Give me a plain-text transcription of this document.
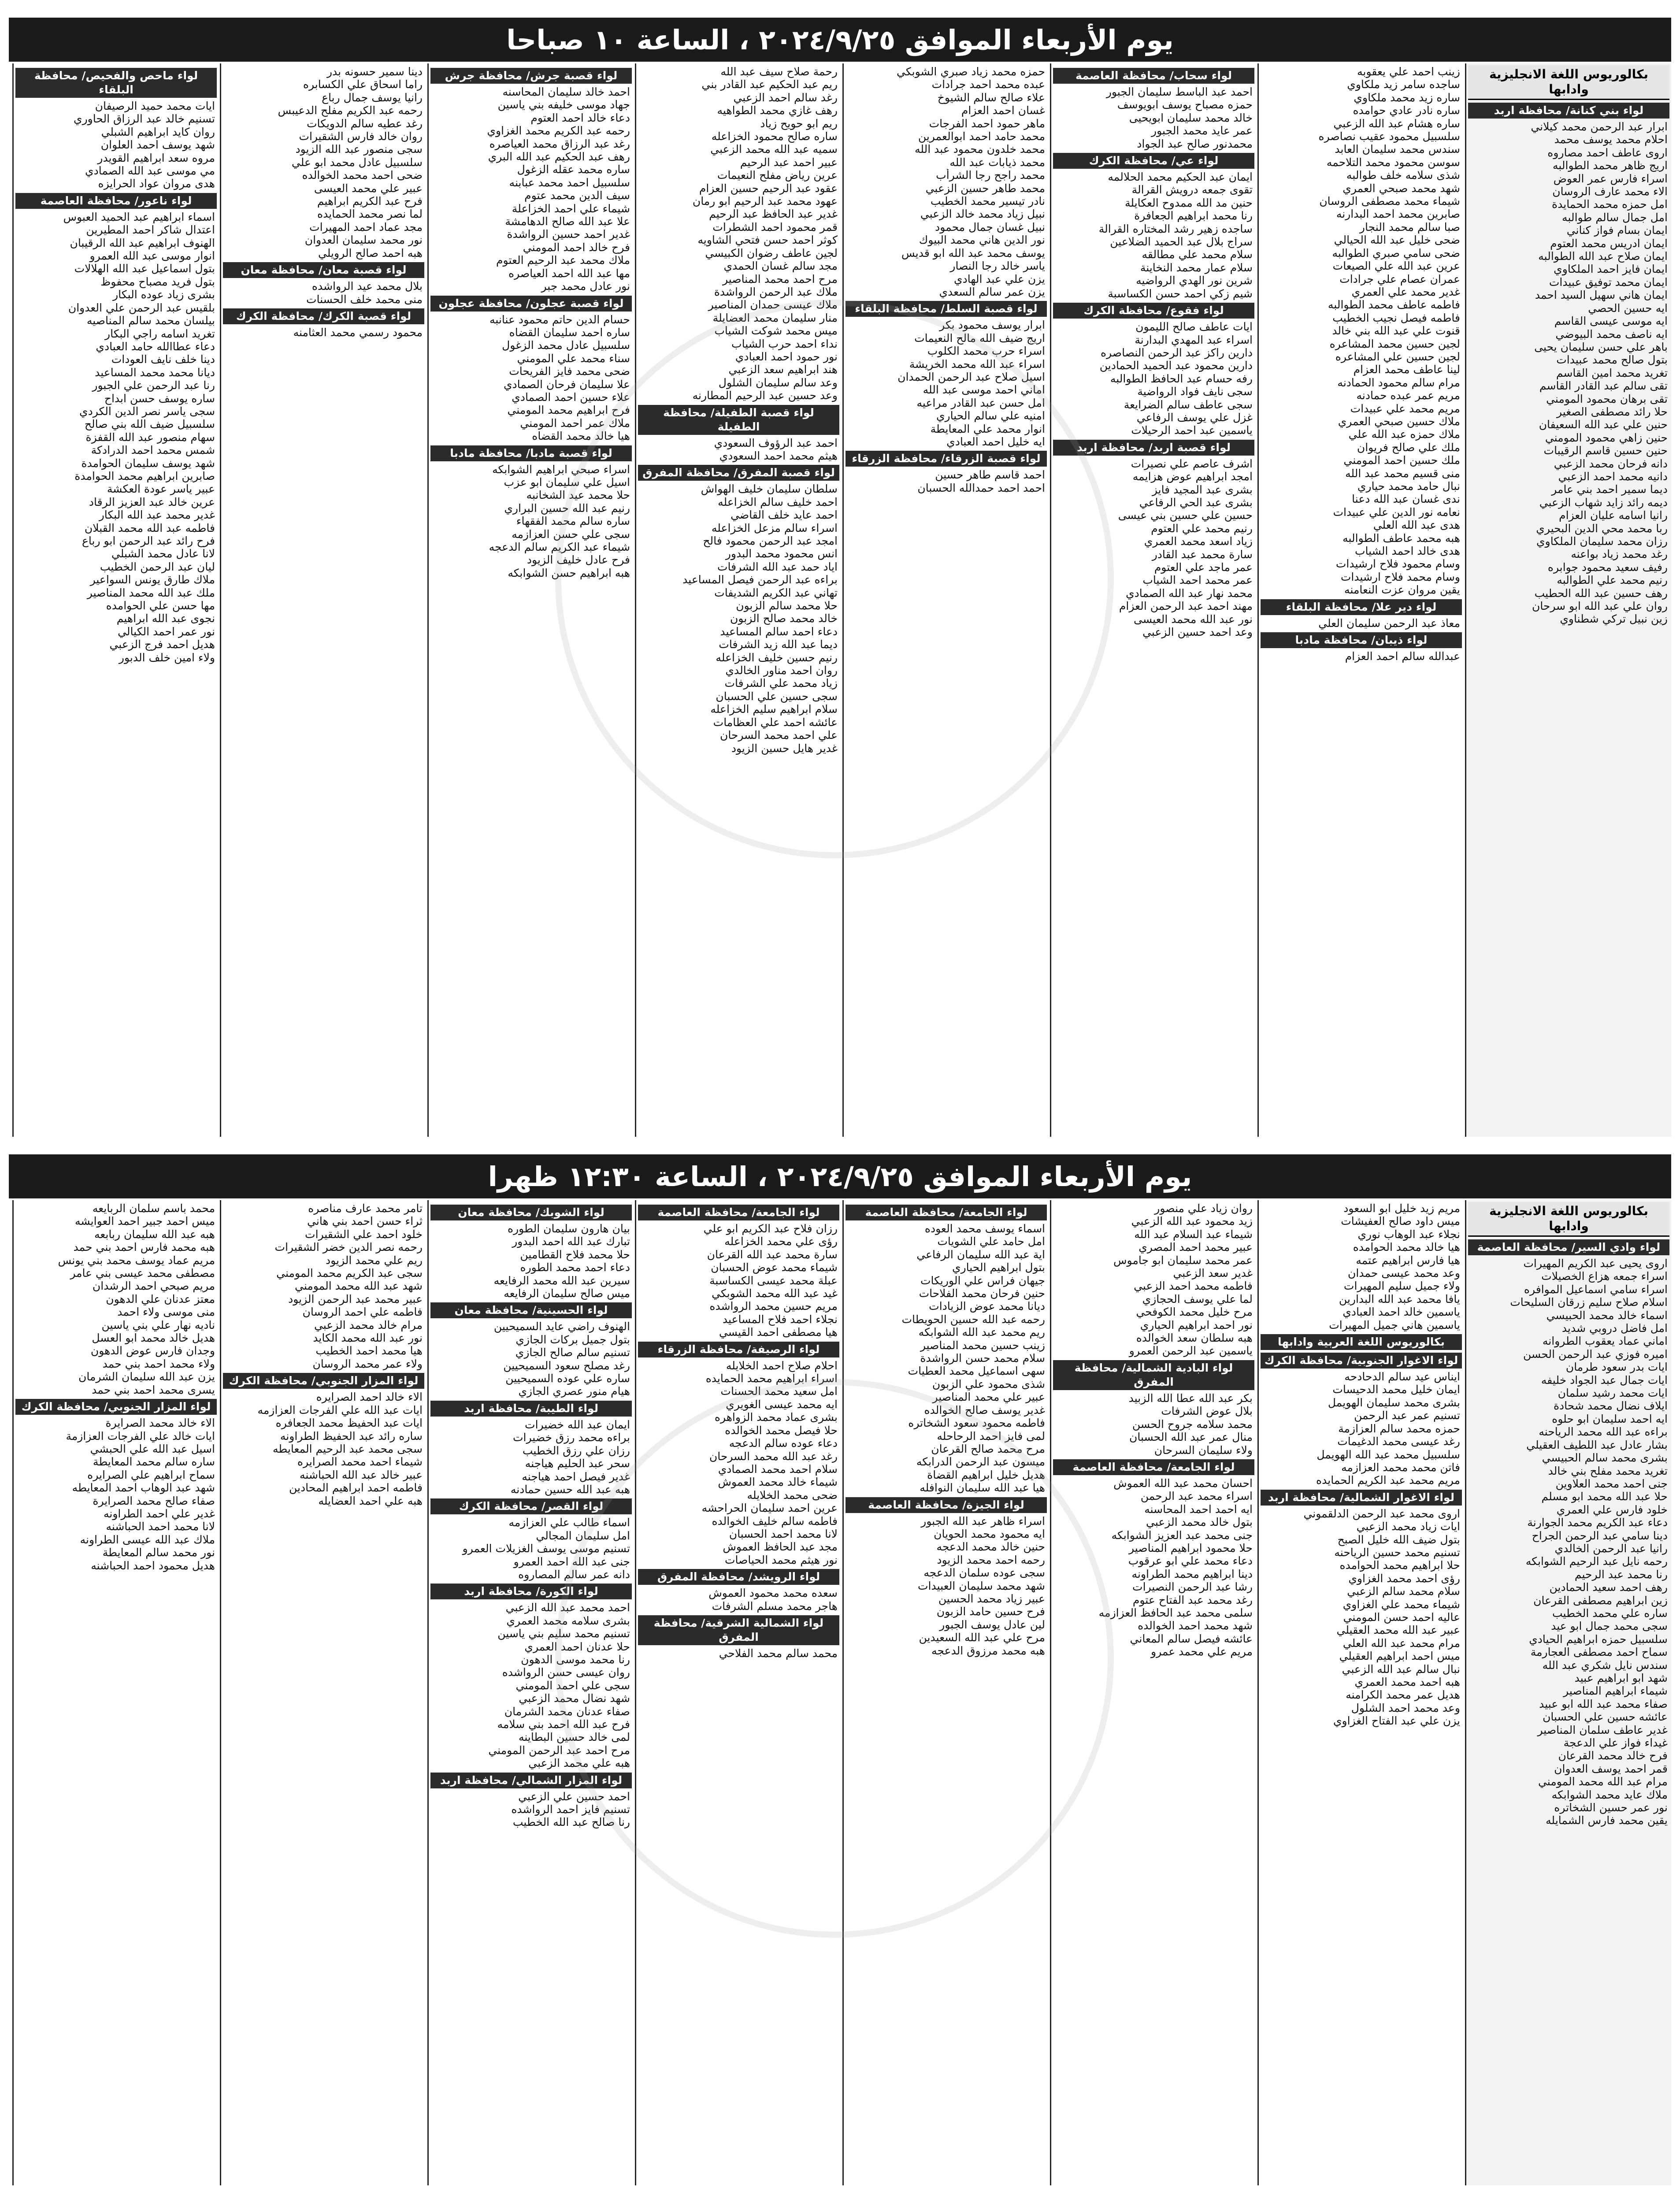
يوم الأربعاء الموافق ٢٠٢٤/٩/٢٥ ، الساعة ١٠ صباحا
بكالوريوس اللغة الانجليزية وادابها
لواء بني كنانة/ محافظة اربد
ابرار عبد الرحمن محمد كيلاني
احلام محمد يوسف محمد
اروى عاطف احمد مصاروه
اريج ظاهر محمد الطوالبه
اسراء فارس عمر العوض
الاء محمد عارف الروسان
امل حمزه محمد الحمايدة
امل جمال سالم طوالبه
ايمان بسام فواز كناني
ايمان ادريس محمد العتوم
ايمان صلاح عبد الله الطوالبه
ايمان فايز احمد الملكاوي
ايمان محمد توفيق عبيدات
ايمان هاني سهيل السيد احمد
ايه حسين الحصي
ايه موسى عيسى القاسم
ايه ناصف محمد البيوضي
باهر علي حسن سليمان يحيى
بتول صالح محمد عبيدات
تغريد محمد امين القاسم
تقى سالم عبد القادر القاسم
تقى برهان محمود المومني
حلا رائد مصطفى الصغير
حنين علي عبد الله السعيفان
حنين زاهي محمود المومني
حنين حسين قاسم الرقيبات
دانه فرحان محمد الزعبي
دانيه محمد احمد الزعبي
ديما سمير احمد بني عامر
ديمه رائد زايد شهاب الزعبي
رانيا اسامه عليان العزام
ربا محمد محي الدين البحيري
رزان محمد سليمان الملكاوي
رغد محمد زياد بواعنه
رفيف سعيد محمود جوابره
رنيم محمد علي الطوالبه
رهف حسين عبد الله الحطيب
روان علي عبد الله ابو سرحان
زين نبيل تركي شطناوي
زينب احمد علي يعقوبه
ساجده سامر زيد ملكاوي
ساره زيد محمد ملكاوي
ساره نادر عادي حوامده
ساره هشام عبد الله الزعبي
سلسبيل محمود عقيب نصاصره
سندس محمد سليمان العابد
سوسن محمود محمد التلاحمه
شذى سلامه خلف طوالبه
شهد محمد صبحي العمري
شيماء محمد مصطفى الروسان
صابرين محمد احمد البدارنه
صبا سالم محمد النجار
ضحى خليل عبد الله الحيالي
ضحى سامي صبري الطوالبه
عرين عبد الله علي الصيعات
عمران عصام علي جرادات
غدير محمد علي العمري
فاطمه عاطف محمد الطوالبه
فاطمه فيصل نجيب الخطيب
قنوت علي عبد الله بني خالد
لجين حسين محمد المشاعره
لجين حسين علي المشاعره
لينا عاطف محمد العزام
مرام سالم محمود الحمادنه
مريم عمر عبده حمادنه
مريم محمد علي عبيدات
ملاك حسين صبحي العمري
ملاك حمزه عبد الله علي
ملك علي صالح فريوان
ملك حسين احمد المومني
منى قسيم محمد عبد الله
نبال حامد محمد حياري
ندى غسان عبد الله دعنا
نعامه نور الدين علي عبيدات
هدى عبد الله العلي
هبه محمد عاطف الطوالبه
هدى خالد احمد الشياب
وسام محمود فلاح ارشيدات
وسام محمد فلاح ارشيدات
يقين مروان عزت النعامنه
لواء دير علا/ محافظة البلقاء
معاذ عبد الرحمن سليمان العلي
لواء ذيبان/ محافظة مادبا
عبدالله سالم احمد العزام
لواء سحاب/ محافظة العاصمة
احمد عبد الباسط سليمان الجبور
حمزه مصباح يوسف ابويوسف
خالد محمد سليمان ابويحيى
عمر عايد محمد الجبور
محمدنور صالح عبد الجواد
لواء عي/ محافظة الكرك
ايمان عبد الحكيم محمد الحلالمه
تقوى جمعه درويش القرالة
حنين مد الله ممدوح العكايلة
رنا محمد ابراهيم الجعافرة
ساجده زهير رشد المختاره القرالة
سراج بلال عبد الحميد الضلاعين
سلام محمد علي مطالقه
سلام عمار محمد النخاينة
شرين نور الهدي الرواضيه
شيم زكي احمد حسن الكساسبة
لواء فقوع/ محافظة الكرك
ايات عاطف صالح الليمون
اسراء عبد المهدي البدارنة
دارين راكز عبد الرحمن النصاصره
دارين محمود عبد الحميد الحمادين
رفه حسام عبد الحافظ الطوالبه
سجى نايف فواد الرواضية
سجى عاطف سالم الضرايعة
غزل علي يوسف الرفاعي
ياسمين عبد احمد الرحيلات
لواء قصبة اربد/ محافظة اربد
اشرف عاصم علي نصيرات
امجد ابراهيم عوض هزايمه
بشرى عبد المجيد فايز
بشرى عبد الحي الرفاعي
حسين علي حسين بني عيسى
رنيم محمد علي العتوم
زياد اسعد محمد العمري
سارة محمد عبد القادر
عمر ماجد علي العتوم
عمر محمد احمد الشياب
محمد نهار عبد الله الصمادي
مهند احمد عبد الرحمن العزام
نور عبد الله محمد العيسى
وعد احمد حسين الزعبي
حمزه محمد زياد صبري الشوبكي
عبده محمد احمد جرادات
علاء صالح سالم الشيوخ
غسان احمد العزام
ماهر حمود احمد الفرجات
محمد حامد احمد ابوالعمرين
محمد خلدون محمود عبد الله
محمد ذيابات عبد الله
محمد راجح رجا الشرأب
محمد طاهر حسين الزعبي
نادر تيسير محمد الخطيب
نبيل زياد محمد خالد الزعبي
نبيل غسان جمال محمود
نور الدين هاني محمد البيوك
يوسف محمد عبد الله ابو قديس
ياسر خالد رجا النصار
يزن علي عبد الهادي
يزن عمر سالم السعدي
لواء قصبة السلط/ محافظة البلقاء
ابرار يوسف محمود بكر
اريج ضيف الله مالح النعيمات
اسراء حرب محمد الكلوب
اسراء عبد الله محمد الخريشة
اسيل صلاح عبد الرحمن الحمدان
اماني احمد موسى عبد الله
امل حسن عبد القادر مراعيه
امنيه علي سالم الحياري
انوار محمد علي المعايطة
ايه خليل احمد العبادي
لواء قصبة الزرقاء/ محافظة الزرقاء
احمد قاسم طاهر حسين
احمد احمد حمدالله الحسبان
رحمة صلاح سيف عبد الله
ريم عبد الحكيم عبد القادر بني
رغد سالم احمد الزعبي
رهف غازي محمد الطواهيه
ريم ابو حويح زياد
ساره صالح محمود الخزاعله
سميه عبد الله محمد الزعبي
عبير احمد عبد الرحيم
عرين رياض مفلح النعيمات
عقود عبد الرحيم حسين العزام
عهود محمد عبد الرحيم ابو رمان
غدير عبد الحافظ عبد الرحيم
قمر محمود احمد الشطرات
كوثر احمد حسن فتحي الشاويه
لجين عاطف رضوان الكبيسي
مجد سالم غسان الحمدي
مرح احمد محمد المناصير
ملاك عبد الرحمن الرواشدة
ملاك عيسى حمدان المناصير
منار سليمان محمد العضايلة
ميس محمد شوكت الشياب
نداء احمد حرب الشياب
نور حمود احمد العبادي
هند ابراهيم سعد الزعبي
وعد سالم سليمان الشلول
وعد حسين عبد الرحيم المطارنه
لواء قصبة الطفيلة/ محافظة الطفيلة
احمد عبد الرؤوف السعودي
هيثم محمد احمد السعودي
لواء قصبة المفرق/ محافظة المفرق
سلطان سليمان خليف الهواش
احمد خليف سالم الخزاعله
احمد عايد خلف القاضي
اسراء سالم مزعل الخزاعله
امجد عبد الرحمن محمود فالح
انس محمود محمد البدور
اياد حمد عبد الله الشرفات
براءه عبد الرحمن فيصل المساعيد
تهاني عبد الكريم الشديفات
حلا محمد سالم الزبون
خالد محمد صالح الزبون
دعاء احمد سالم المساعيد
ديما عبد الله زيد الشرفات
رنيم حسين خليف الخزاعله
روان احمد مناور الخالدي
زياد محمد علي الشرفات
سجى حسين علي الحسبان
سلام ابراهيم سليم الخزاعله
عائشه احمد علي العظامات
علي احمد محمد السرحان
غدير هايل حسين الزيود
لواء قصبة جرش/ محافظة جرش
احمد خالد سليمان المحاسنه
جهاد موسى خليفه بني ياسين
دعاء خالد احمد العتوم
رحمه عبد الكريم محمد الغزاوي
رغد عبد الرزاق محمد العياصره
رهف عبد الحكيم عبد الله البري
ساره محمد عقله الزغول
سلسبيل احمد محمد عبابنه
سيف الدين محمد عتوم
شيماء علي احمد الخزاعلة
علا عبد الله صالح الدهامشة
غدير احمد حسين الرواشدة
فرح خالد احمد المومني
ملاك محمد عبد الرحيم العتوم
مها عبد الله احمد العياصره
نور عادل محمد جبر
لواء قصبة عجلون/ محافظة عجلون
حسام الدين حاتم محمود عنانبه
ساره احمد سليمان القضاه
سلسبيل عادل محمد الزغول
سناء محمد علي المومني
ضحى محمد فايز الفريحات
علا سليمان فرحان الصمادي
علاء حسين احمد الصمادي
فرح ابراهيم محمد المومني
ملاك عمر احمد المومني
هيا خالد محمد القضاه
لواء قصبة مادبا/ محافظة مادبا
اسراء صبحي ابراهيم الشوابكه
اسيل علي سليمان ابو عزب
حلا محمد عيد الشخانبه
رنيم عبد الله حسين البراري
ساره سالم محمد الفقهاء
سجى علي حسن العزازمه
شيماء عبد الكريم سالم الدعجه
فرح عادل خليف الزيود
هبه ابراهيم حسن الشوابكه
دينا سمير حسونه بدر
راما اسحاق علي الكسابره
رانيا يوسف جمال رباع
رحمه عبد الكريم مفلح الدعيبس
رغد عطيه سالم الدويكات
روان خالد فارس الشقيرات
سجى منصور عبد الله الزيود
سلسبيل عادل محمد ابو علي
ضحى احمد محمد الخوالده
عبير علي محمد العيسى
فرح عبد الكريم ابراهيم
لما نصر محمد الحمايده
مجد عماد احمد المهيرات
نور محمد سليمان العدوان
هبه احمد صالح الرويلي
لواء قصبة معان/ محافظة معان
بلال محمد عيد الرواشده
منى محمد خلف الحسنات
لواء قصبة الكرك/ محافظة الكرك
محمود رسمي محمد العثامنه
لواء ماحص والفحيص/ محافظة البلقاء
ايات محمد حميد الرصيفان
تسنيم خالد عبد الرزاق الحاوري
روان كايد ابراهيم الشبلي
شهد يوسف احمد العلوان
مروه سعد ابراهيم القويدر
مي موسى عبد الله الصمادي
هدى مروان عواد الحرايزه
لواء ناعور/ محافظة العاصمة
اسماء ابراهيم عبد الحميد العبوس
اعتدال شاكر احمد المطيرين
الهنوف ابراهيم عبد الله الرقيبان
انوار موسى عبد الله العمرو
بتول اسماعيل عبد الله الهلالات
بتول فريد مصباح محفوظ
بشرى زياد عوده البكار
بلقيس عبد الرحمن علي العدوان
بيلسان محمد سالم المناصيه
تغريد اسامه راجي البكار
دعاء عطاالله حامد العبادي
دينا خلف نايف العودات
ديانا محمد محمد المساعيد
رنا عبد الرحمن علي الجبور
ساره يوسف حسن ابداح
سجى ياسر نصر الدين الكردي
سلسبيل ضيف الله بني صالح
سهام منصور عبد الله القفزة
شمس محمد احمد الدرادكة
شهد يوسف سليمان الحوامدة
صابرين ابراهيم محمد الحوامدة
عبير ياسر عودة العكشة
عرين خالد عبد العزيز الرقاد
غدير محمد عبد الله البكار
فاطمه عبد الله محمد القبلان
فرح رائد عبد الرحمن ابو رباع
لانا عادل محمد الشبلي
ليان عبد الرحمن الخطيب
ملاك طارق يونس السواعير
ملك عبد الله محمد المناصير
مها حسن علي الحوامده
نجوى عبد الله ابراهيم
نور عمر احمد الكيالي
هديل احمد فرج الزعبي
ولاء امين خلف الدبور
يوم الأربعاء الموافق ٢٠٢٤/٩/٢٥ ، الساعة ١٢:٣٠ ظهرا
بكالوريوس اللغة الانجليزية وادابها
لواء وادي السير/ محافظة العاصمة
اروى يحيى عبد الكريم المهيرات
اسراء جمعه هزاع الخصيلات
اسراء سامي اسماعيل الموافره
اسلام صلاح سليم زرقان السليحات
اسماء خالد محمد الحبيسي
امل فاضل دروبي شديد
اماني عماد يعقوب الطروانه
اميره فوزي عبد الرحمن الحسن
ايات بدر سعود طرمان
ايات جمال عبد الجواد خليفه
ايات محمد رشيد سلمان
ايلاف نضال محمد شحادة
ايه احمد سليمان ابو حلوه
براءه عبد الله محمد الرياحنه
بشار عادل عبد اللطيف العقيلي
بشرى محمد سالم الحبيسي
تغريد محمد مفلح بني خالد
جنى احمد محمد العلاوين
حلا عبد الله محمد ابو مسلم
خلود فارس علي العمري
دعاء عبد الكريم محمد الجوارنة
دينا سامي عبد الرحمن الجراح
رانيا عبد الرحمن الخالدي
رحمه نايل عبد الرحيم الشوابكه
رنا محمد عبد الرحيم
رهف احمد سعيد الحمادين
زين ابراهيم مصطفى القرعان
ساره علي محمد الخطيب
سجى محمد جمال ابو عيد
سلسبيل حمزه ابراهيم الحيادي
سماح احمد مصطفى العجارمة
سندس نايل شكري عبد الله
شهد ابو ابراهيم عبيد
شيماء ابراهيم المناصير
صفاء محمد عبد الله ابو عبيد
عائشه حسين علي الحسبان
غدير عاطف سلمان المناصير
غيداء فواز علي الدعجة
فرح خالد محمد القرعان
قمر احمد يوسف العدوان
مرام عبد الله محمد المومني
ملاك عايد محمد الشوابكه
نور عمر حسين الشخاتره
يقين محمد فارس الشمايله
مريم زيد خليل ابو السعود
ميس داود صالح العفيشات
نجلاء عبد الوهاب نوري
هيا خالد محمد الحوامده
هيا فارس ابراهيم عتمه
وعد محمد عيسى حمدان
ولاء جميل سليم المهيرات
يافا محمد عبد الله البدارين
ياسمين خالد احمد العبادي
ياسمين هاني جميل المهيرات
بكالوريوس اللغة العربية وادابها
لواء الاغوار الجنوبية/ محافظة الكرك
ايناس عيد سالم الدحادحه
ايمان خليل محمد الدحيسات
بشرى محمد سليمان الهويمل
تسنيم عمر عبد الرحمن
حمزه محمد سالم العزازمة
رغد عيسى محمد الدغيمات
سلسبيل محمد عبد الله الهويمل
فاتن محمد محمد العزازمه
مريم محمد عبد الكريم الحمايده
لواء الاغوار الشمالية/ محافظة اربد
اروى محمد عبد الرحمن الدلقموني
ايات زياد محمد الزعبي
بتول ضيف الله خليل الصبح
تسنيم محمد حسين الرياحنه
حلا ابراهيم محمد الحوامده
رؤى احمد محمد الغزاوي
سلام محمد سالم الزعبي
شيماء محمد علي الغزاوي
عاليه احمد حسن المومني
عبير عبد الله محمد العقيلي
مرام محمد عبد الله العلي
ميس احمد ابراهيم العقيلي
نبال سالم عبد الله الزعبي
هبه احمد محمد العمري
هديل عمر محمد الكرامنه
وعد محمد احمد الشلول
يزن علي عبد الفتاح الغزاوي
روان زياد علي منصور
زيد محمود عبد الله الزعبي
شيماء عبد السلام عبد الله
عبير محمد احمد المصري
عمر محمد سليمان ابو جاموس
غدير سعد الزعبي
فاطمه محمد احمد الزعبي
لما علي يوسف الحجازي
مرح خليل محمد الكوفحي
نور احمد ابراهيم الحياري
هبه سلطان سعد الخوالده
ياسمين عبد الرحمن العمرو
لواء البادية الشمالية/ محافظة المفرق
بكر عبد الله عطا الله الزبيد
بلال عوض الشرفات
محمد سلامه جروح الحسن
منال عمر عبد الله الحسبان
ولاء سليمان السرحان
لواء الجامعة/ محافظة العاصمة
احسان محمد عبد الله العموش
اسراء محمد عبد الرحمن
ايه احمد احمد المحاسنه
بتول خالد محمد الزعبي
جنى محمد عبد العزيز الشوابكه
حلا محمود ابراهيم المناصير
دعاء محمد علي ابو عرقوب
دينا ابراهيم محمد الطراونه
رشا عبد الرحمن النصيرات
رغد محمد عبد الفتاح عتوم
سلمى محمد عبد الحافظ العزازمه
شهد محمد احمد الخوالده
عائشه فيصل سالم المعاني
مريم علي محمد عمرو
لواء الجامعة/ محافظة العاصمة
اسماء يوسف محمد العوده
امل حامد علي الشويات
اية عبد الله سليمان الرفاعي
بتول ابراهيم الحياري
جيهان فراس علي الوريكات
حنين فرحان محمد الفلاحات
ديانا محمد عوض الزيادات
رحمه عبد الله حسين الحويطات
ريم محمد عبد الله الشوابكه
زينب حسين محمد المناصير
سلام محمد حسن الرواشدة
سهى اسماعيل محمد العطيات
شذى محمود علي الزبون
عبير علي محمد المناصير
غدير يوسف صالح الخوالده
فاطمه محمود سعود الشخاتره
لمى فايز احمد الرحاحله
مرح محمد صالح القرعان
ميسون عبد الرحمن الدرابكه
هديل خليل ابراهيم القضاة
هيا عبد الله سليمان النوافله
لواء الجيزة/ محافظة العاصمة
اسراء ظاهر عبد الله الجبور
ايه محمود محمد الحويان
حنين خالد محمد الدعجه
رحمه احمد محمد الزيود
سجى عوده سلمان الدعجه
شهد محمد سليمان العبيدات
عبير زياد محمد الحسين
فرح حسين حامد الزبون
لين عادل يوسف الجبور
مرح علي عبد الله السعيدين
هبه محمد مرزوق الدعجه
لواء الجامعة/ محافظة العاصمة
رزان فلاح عبد الكريم ابو علي
رؤى علي محمد الخزاعله
سارة محمد عبد الله القرعان
شيماء محمد عوض الحسبان
عبلة محمد عيسى الكساسبة
غيد عبد الله محمد الشوبكي
مريم حسين محمد الرواشده
نجلاء احمد فلاح المساعيد
هيا مصطفى احمد القيسي
لواء الرصيفة/ محافظة الزرقاء
احلام صلاح احمد الخلايله
اسراء ابراهيم محمد الحمايده
امل سعيد محمد الحسنات
ايه محمد عيسى الغويري
بشرى عماد محمد الزواهره
حلا فيصل محمد الخوالده
دعاء عوده سالم الدعجه
رغد عبد الله محمد السرحان
سلام احمد محمد الصمادي
شيماء خالد محمد العموش
ضحى محمد الخلايله
عرين احمد سليمان الحراحشه
فاطمه سالم خليف الخوالده
لانا محمد احمد الحسبان
مجد عبد الحافظ العموش
نور هيثم محمد الحياصات
لواء الرويشد/ محافظة المفرق
سعده محمد محمود العموش
هاجر محمد مسلم الشرفات
لواء الشمالية الشرقية/ محافظة المفرق
محمد سالم محمد الفلاحي
لواء الشوبك/ محافظة معان
بيان هارون سليمان الطوره
تبارك عبد الله احمد البدور
حلا محمد فلاح القطامين
دعاء احمد محمد الطوره
سيرين عبد الله محمد الرفايعه
ميس صالح سليمان الرفايعه
لواء الحسينية/ محافظة معان
الهنوف راضي عايد السميحيين
بتول جميل بركات الجازي
تسنيم سالم صالح الجازي
رغد مصلح سعود السميحيين
ساره علي عوده السميحيين
هيام منور عصري الجازي
لواء الطيبة/ محافظة اربد
ايمان عبد الله خضيرات
براءه محمد رزق خضيرات
رزان علي رزق الخطيب
سحر عبد الحليم هياجنه
غدير فيصل احمد هياجنه
هبه عبد الله حسين حمادنه
لواء القصر/ محافظة الكرك
اسماء طالب علي العزازمه
امل سليمان المجالي
تسنيم موسى يوسف الغزيلات العمرو
جنى عبد الله احمد العمرو
دانه عمر سالم المصاروه
لواء الكورة/ محافظة اربد
احمد محمد عبد الله الزعبي
بشرى سلامه محمد العمري
تسنيم محمد سليم بني ياسين
حلا عدنان احمد العمري
رنا محمد موسى الدهون
روان عيسى حسن الرواشده
سجى علي احمد المومني
شهد نضال محمد الزعبي
صفاء عدنان محمد الشرمان
فرح عبد الله احمد بني سلامه
لمى خالد حسين البطاينه
مرح احمد عبد الرحمن المومني
هبه علي محمد الزعبي
لواء المزار الشمالي/ محافظة اربد
احمد حسين علي الزعبي
تسنيم فايز احمد الرواشده
رنا صالح عبد الله الخطيب
تامر محمد عارف مناصره
ثراء حسن احمد بني هاني
خلود احمد علي الشقيرات
رحمه نصر الدين خضر الشقيرات
ريم علي محمد الزيود
سجى عبد الكريم محمد المومني
شهد عبد الله محمد المومني
عبير محمد عبد الرحمن الزيود
فاطمه علي احمد الروسان
مرام خالد محمد الزعبي
نور عبد الله محمد الكايد
هيا محمد احمد الخطيب
ولاء عمر محمد الروسان
لواء المزار الجنوبي/ محافظة الكرك
الاء خالد احمد الصرايره
ايات عبد الله علي الفرجات العزازمه
ايات عبد الحفيظ محمد الجعافره
ساره رائد عبد الحفيظ الطراونه
سجى محمد عبد الرحيم المعايطه
شيماء احمد محمد الصرايره
عبير خالد عبد الله الحباشنه
فاطمه احمد ابراهيم المحادين
هبه علي احمد العضايله
محمد باسم سلمان الربايعه
ميس احمد جبير احمد العوايشه
هبه عبد الله سليمان ربابعه
هبه محمد فارس احمد بني حمد
مريم عماد يوسف محمد بني يونس
مصطفى محمد عيسى بني عامر
مريم صبحي احمد الرشدان
معتز عدنان علي الدهون
منى موسى ولاء احمد
ناديه نهار علي بني ياسين
هديل خالد محمد ابو العسل
وجدان فارس عوض الدهون
ولاء محمد احمد بني حمد
يزن عبد الله سليمان الشرمان
يسرى محمد احمد بني حمد
لواء المزار الجنوبي/ محافظة الكرك
الاء خالد محمد الصرايرة
ايات خالد علي الفرجات العزازمة
اسيل عبد الله علي الحبشي
ساره سالم محمد المعايطة
سماح ابراهيم علي الصرايره
شهد عبد الوهاب احمد المعايطه
صفاء صالح محمد الصرايرة
غدير علي احمد الطراونه
لانا محمد احمد الحباشنه
ملاك عبد الله عيسى الطراونه
نور محمد سالم المعايطة
هديل محمود احمد الحباشنه
